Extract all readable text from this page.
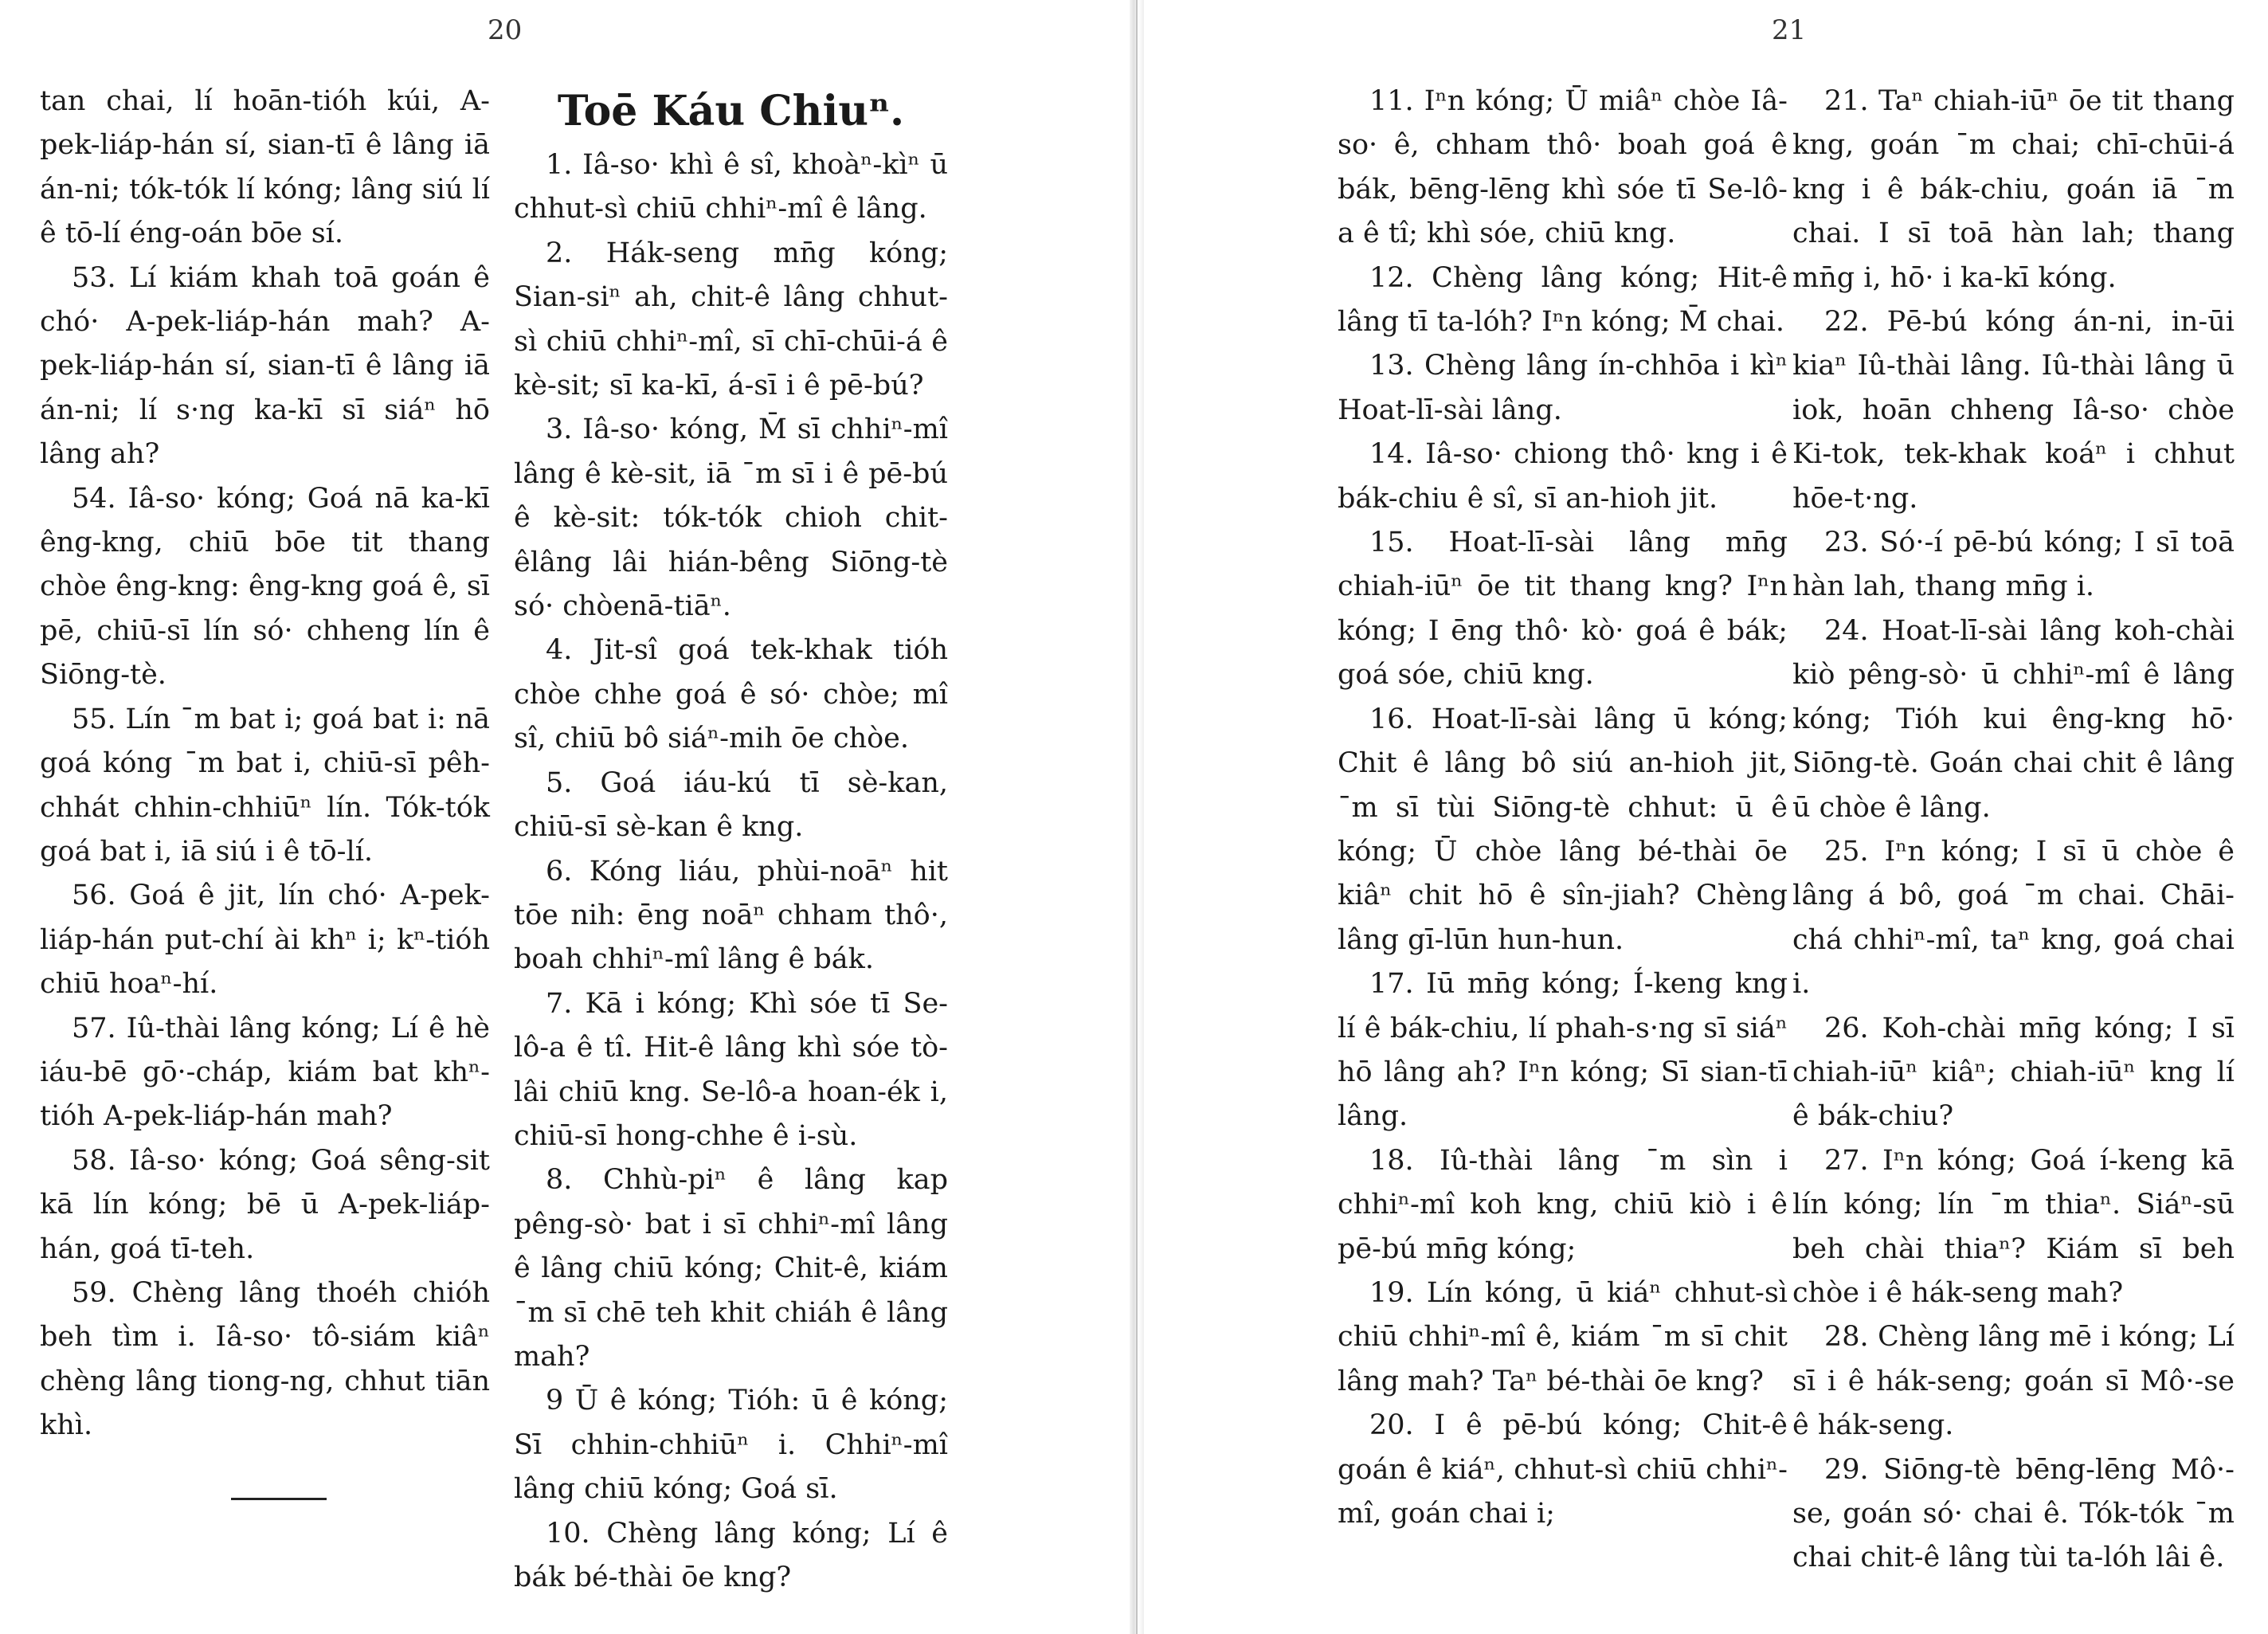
20

tan chai, lí hoān-tióh kúi, A-pek-liáp-hán sí, sian-tī ê lâng iā án-ni; tók-tók lí kóng; lâng siú lí ê tō-lí éng-oán bōe sí.

53. Lí kiám khah toā goán ê chó· A-pek-liáp-hán mah? A-pek-liáp-hán sí, sian-tī ê lâng iā án-ni; lí s·ng ka-kī sī siáⁿ hō lâng ah?

54. Iâ-so· kóng; Goá nā ka-kī êng-kng, chiū bōe tit thang chòe êng-kng: êng-kng goá ê, sī pē, chiū-sī lín só· chheng lín ê Siōng-tè.

55. Lín ˉm bat i; goá bat i: nā goá kóng ˉm bat i, chiū-sī pêh-chhát chhin-chhiūⁿ lín. Tók-tók goá bat i, iā siú i ê tō-lí.

56. Goá ê jit, lín chó· A-pek-liáp-hán put-chí ài khⁿ i; kⁿ-tióh chiū hoaⁿ-hí.

57. Iû-thài lâng kóng; Lí ê hè iáu-bē gō·-cháp, kiám bat khⁿ-tióh A-pek-liáp-hán mah?

58. Iâ-so· kóng; Goá sêng-sit kā lín kóng; bē ū A-pek-liáp-hán, goá tī-teh.

59. Chèng lâng thoéh chióh beh tìm i. Iâ-so· tô-siám kiâⁿ chèng lâng tiong-ng, chhut tiān khì.

Toē Káu Chiuⁿ.

1. Iâ-so· khì ê sî, khoàⁿ-kìⁿ ū chhut-sì chiū chhiⁿ-mî ê lâng.

2. Hák-seng mn̄g kóng; Sian-siⁿ ah, chit-ê lâng chhut-sì chiū chhiⁿ-mî, sī chī-chūi-á ê kè-sit; sī ka-kī, á-sī i ê pē-bú?

3. Iâ-so· kóng, M̄ sī chhiⁿ-mî lâng ê kè-sit, iā ˉm sī i ê pē-bú ê kè-sit: tók-tók chioh chit-êlâng lâi hián-bêng Siōng-tè só· chòenā-tiāⁿ.

4. Jit-sî goá tek-khak tióh chòe chhe goá ê só· chòe; mî sî, chiū bô siáⁿ-mih ōe chòe.

5. Goá iáu-kú tī sè-kan, chiū-sī sè-kan ê kng.

6. Kóng liáu, phùi-noāⁿ hit tōe nih: ēng noāⁿ chham thô·, boah chhiⁿ-mî lâng ê bák.

7. Kā i kóng; Khì sóe tī Se-lô-a ê tî. Hit-ê lâng khì sóe tò-lâi chiū kng. Se-lô-a hoan-ék i, chiū-sī hong-chhe ê i-sù.

8. Chhù-piⁿ ê lâng kap pêng-sò· bat i sī chhiⁿ-mî lâng ê lâng chiū kóng; Chit-ê, kiám ˉm sī chē teh khit chiáh ê lâng mah?

9 Ū ê kóng; Tióh: ū ê kóng; Sī chhin-chhiūⁿ i. Chhiⁿ-mî lâng chiū kóng; Goá sī.

10. Chèng lâng kóng; Lí ê bák bé-thài ōe kng?

21

11. Iⁿn kóng; Ū miâⁿ chòe Iâ-so· ê, chham thô· boah goá ê bák, bēng-lēng khì sóe tī Se-lô-a ê tî; khì sóe, chiū kng.

12. Chèng lâng kóng; Hit-ê lâng tī ta-lóh? Iⁿn kóng; M̄ chai.

13. Chèng lâng ín-chhōa i kìⁿ Hoat-lī-sài lâng.

14. Iâ-so· chiong thô· kng i ê bák-chiu ê sî, sī an-hioh jit.

15. Hoat-lī-sài lâng mn̄g chiah-iūⁿ ōe tit thang kng? Iⁿn kóng; I ēng thô· kò· goá ê bák; goá sóe, chiū kng.

16. Hoat-lī-sài lâng ū kóng; Chit ê lâng bô siú an-hioh jit, ˉm sī tùi Siōng-tè chhut: ū ê kóng; Ū chòe lâng bé-thài ōe kiâⁿ chit hō ê sîn-jiah? Chèng lâng gī-lūn hun-hun.

17. Iū mn̄g kóng; Í-keng kng lí ê bák-chiu, lí phah-s·ng sī siáⁿ hō lâng ah? Iⁿn kóng; Sī sian-tī lâng.

18. Iû-thài lâng ˉm sìn i chhiⁿ-mî koh kng, chiū kiò i ê pē-bú mn̄g kóng;

19. Lín kóng, ū kiáⁿ chhut-sì chiū chhiⁿ-mî ê, kiám ˉm sī chit lâng mah? Taⁿ bé-thài ōe kng?

20. I ê pē-bú kóng; Chit-ê goán ê kiáⁿ, chhut-sì chiū chhiⁿ-mî, goán chai i;

21. Taⁿ chiah-iūⁿ ōe tit thang kng, goán ˉm chai; chī-chūi-á kng i ê bák-chiu, goán iā ˉm chai. I sī toā hàn lah; thang mn̄g i, hō· i ka-kī kóng.

22. Pē-bú kóng án-ni, in-ūi kiaⁿ Iû-thài lâng. Iû-thài lâng ū iok, hoān chheng Iâ-so· chòe Ki-tok, tek-khak koáⁿ i chhut hōe-t·ng.

23. Só·-í pē-bú kóng; I sī toā hàn lah, thang mn̄g i.

24. Hoat-lī-sài lâng koh-chài kiò pêng-sò· ū chhiⁿ-mî ê lâng kóng; Tióh kui êng-kng hō· Siōng-tè. Goán chai chit ê lâng ū chòe ê lâng.

25. Iⁿn kóng; I sī ū chòe ê lâng á bô, goá ˉm chai. Chāi-chá chhiⁿ-mî, taⁿ kng, goá chai i.

26. Koh-chài mn̄g kóng; I sī chiah-iūⁿ kiâⁿ; chiah-iūⁿ kng lí ê bák-chiu?

27. Iⁿn kóng; Goá í-keng kā lín kóng; lín ˉm thiaⁿ. Siáⁿ-sū beh chài thiaⁿ? Kiám sī beh chòe i ê hák-seng mah?

28. Chèng lâng mē i kóng; Lí sī i ê hák-seng; goán sī Mô·-se ê hák-seng.

29. Siōng-tè bēng-lēng Mô·-se, goán só· chai ê. Tók-tók ˉm chai chit-ê lâng tùi ta-lóh lâi ê.
